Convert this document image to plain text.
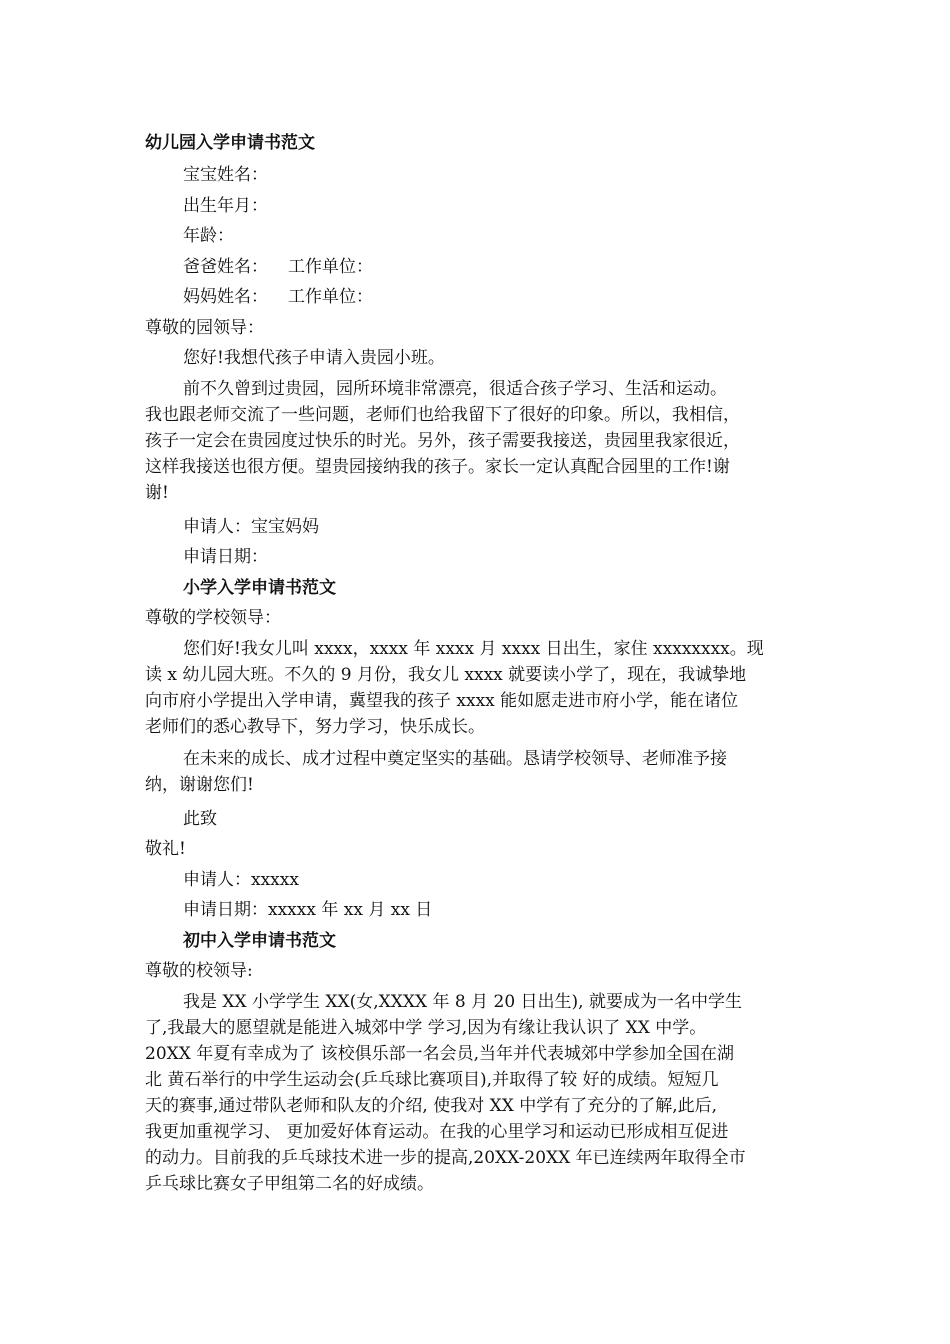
幼儿园入学申请书范文

宝宝姓名：

出生年月：

年龄：

爸爸姓名： 工作单位：

妈妈姓名： 工作单位：

尊敬的园领导：

您好!我想代孩子申请入贵园小班。

前不久曾到过贵园，园所环境非常漂亮，很适合孩子学习、生活和运动。
我也跟老师交流了一些问题，老师们也给我留下了很好的印象。所以，我相信，
孩子一定会在贵园度过快乐的时光。另外，孩子需要我接送，贵园里我家很近，
这样我接送也很方便。望贵园接纳我的孩子。家长一定认真配合园里的工作!谢
谢!

申请人：宝宝妈妈

申请日期：

小学入学申请书范文

尊敬的学校领导：

您们好!我女儿叫 xxxx，xxxx 年 xxxx 月 xxxx 日出生，家住 xxxxxxxx。现
读 x 幼儿园大班。不久的 9 月份，我女儿 xxxx 就要读小学了，现在，我诚挚地
向市府小学提出入学申请，冀望我的孩子 xxxx 能如愿走进市府小学，能在诸位
老师们的悉心教导下，努力学习，快乐成长。
在未来的成长、成才过程中奠定坚实的基础。恳请学校领导、老师准予接
纳，谢谢您们!

此致

敬礼!

申请人：xxxxx

申请日期：xxxxx 年 xx 月 xx 日

初中入学申请书范文

尊敬的校领导:

我是 XX 小学学生 XX(女,XXXX 年 8 月 20 日出生), 就要成为一名中学生
了,我最大的愿望就是能进入城郊中学 学习,因为有缘让我认识了 XX 中学。
20XX 年夏有幸成为了 该校俱乐部一名会员,当年并代表城郊中学参加全国在湖
北 黄石举行的中学生运动会(乒乓球比赛项目),并取得了较 好的成绩。短短几
天的赛事,通过带队老师和队友的介绍, 使我对 XX 中学有了充分的了解,此后,
我更加重视学习、 更加爱好体育运动。在我的心里学习和运动已形成相互促进
的动力。目前我的乒乓球技术进一步的提高,20XX-20XX 年已连续两年取得全市
乒乓球比赛女子甲组第二名的好成绩。
